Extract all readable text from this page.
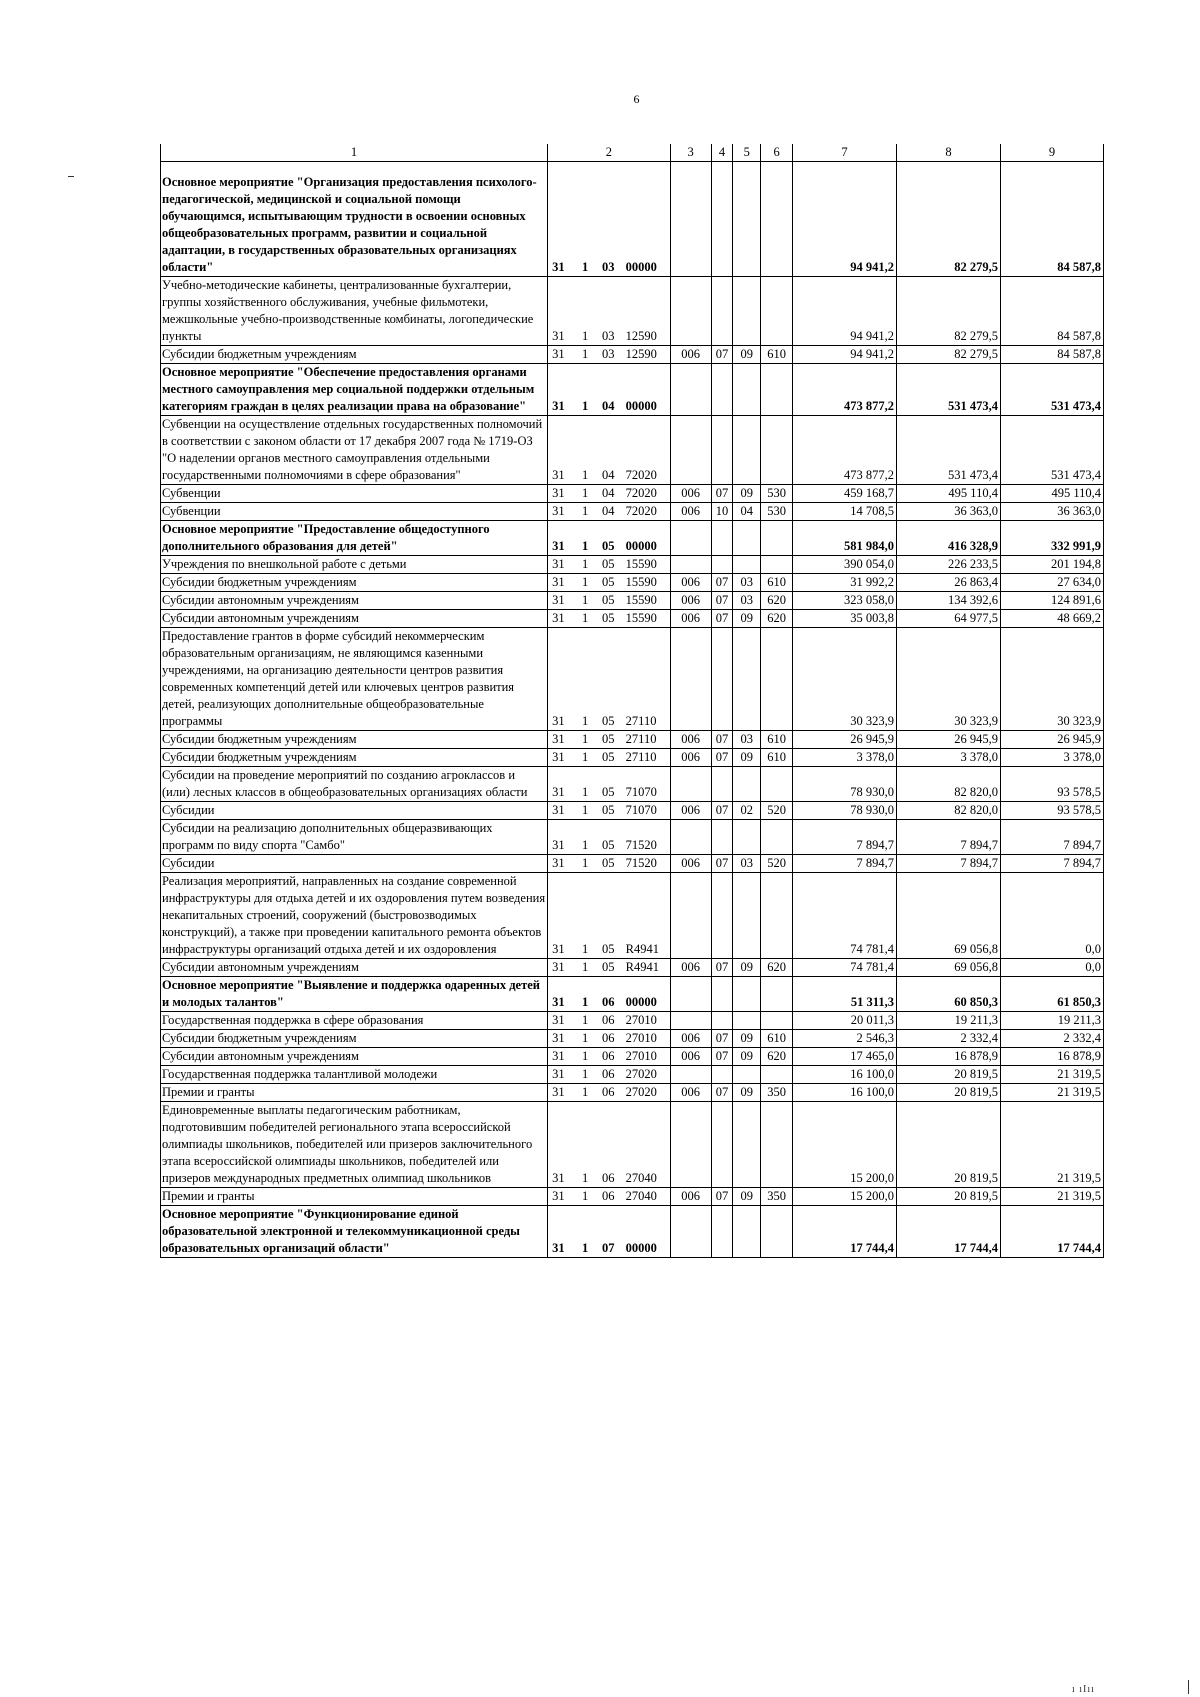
6
1	2				3	4	5	6	7	8	9

Основное мероприятие "Организация предоставления психолого-педагогической, медицинской и социальной помощи обучающимся, испытывающим трудности в освоении основных общеобразовательных программ, развитии и социальной адаптации, в государственных образовательных организациях области"	31	1	03	00000					94 941,2	82 279,5	84 587,8
Учебно-методические кабинеты, централизованные бухгалтерии, группы хозяйственного обслуживания, учебные фильмотеки, межшкольные учебно-производственные комбинаты, логопедические пункты	31	1	03	12590					94 941,2	82 279,5	84 587,8
Субсидии бюджетным учреждениям	31	1	03	12590	006	07	09	610	94 941,2	82 279,5	84 587,8
Основное мероприятие "Обеспечение предоставления органами местного самоуправления мер социальной поддержки отдельным категориям граждан в целях реализации права на образование"	31	1	04	00000					473 877,2	531 473,4	531 473,4
Субвенции на осуществление отдельных государственных полномочий в соответствии с законом области от 17 декабря 2007 года № 1719-ОЗ "О наделении органов местного самоуправления отдельными государственными полномочиями в сфере образования"	31	1	04	72020					473 877,2	531 473,4	531 473,4
Субвенции	31	1	04	72020	006	07	09	530	459 168,7	495 110,4	495 110,4
Субвенции	31	1	04	72020	006	10	04	530	14 708,5	36 363,0	36 363,0
Основное мероприятие "Предоставление общедоступного дополнительного образования для детей"	31	1	05	00000					581 984,0	416 328,9	332 991,9
Учреждения по внешкольной работе с детьми	31	1	05	15590					390 054,0	226 233,5	201 194,8
Субсидии бюджетным учреждениям	31	1	05	15590	006	07	03	610	31 992,2	26 863,4	27 634,0
Субсидии автономным учреждениям	31	1	05	15590	006	07	03	620	323 058,0	134 392,6	124 891,6
Субсидии автономным учреждениям	31	1	05	15590	006	07	09	620	35 003,8	64 977,5	48 669,2
Предоставление грантов в форме субсидий некоммерческим образовательным организациям, не являющимся казенными учреждениями, на организацию деятельности центров развития современных компетенций детей или ключевых центров развития детей, реализующих дополнительные общеобразовательные программы	31	1	05	27110					30 323,9	30 323,9	30 323,9
Субсидии бюджетным учреждениям	31	1	05	27110	006	07	03	610	26 945,9	26 945,9	26 945,9
Субсидии бюджетным учреждениям	31	1	05	27110	006	07	09	610	3 378,0	3 378,0	3 378,0
Субсидии на проведение мероприятий по созданию агроклассов и (или) лесных классов в общеобразовательных организациях области	31	1	05	71070					78 930,0	82 820,0	93 578,5
Субсидии	31	1	05	71070	006	07	02	520	78 930,0	82 820,0	93 578,5
Субсидии на реализацию дополнительных общеразвивающих программ по виду спорта "Самбо"	31	1	05	71520					7 894,7	7 894,7	7 894,7
Субсидии	31	1	05	71520	006	07	03	520	7 894,7	7 894,7	7 894,7
Реализация мероприятий, направленных на создание современной инфраструктуры для отдыха детей и их оздоровления путем возведения некапитальных строений, сооружений (быстровозводимых конструкций), а также при проведении капитального ремонта объектов инфраструктуры организаций отдыха детей и их оздоровления	31	1	05	R4941					74 781,4	69 056,8	0,0
Субсидии автономным учреждениям	31	1	05	R4941	006	07	09	620	74 781,4	69 056,8	0,0
Основное мероприятие "Выявление и поддержка одаренных детей и молодых талантов"	31	1	06	00000					51 311,3	60 850,3	61 850,3
Государственная поддержка в сфере образования	31	1	06	27010					20 011,3	19 211,3	19 211,3
Субсидии бюджетным учреждениям	31	1	06	27010	006	07	09	610	2 546,3	2 332,4	2 332,4
Субсидии автономным учреждениям	31	1	06	27010	006	07	09	620	17 465,0	16 878,9	16 878,9
Государственная поддержка талантливой молодежи	31	1	06	27020					16 100,0	20 819,5	21 319,5
Премии и гранты	31	1	06	27020	006	07	09	350	16 100,0	20 819,5	21 319,5
Единовременные выплаты педагогическим работникам, подготовившим победителей регионального этапа всероссийской олимпиады школьников, победителей или призеров заключительного этапа всероссийской олимпиады школьников, победителей или призеров международных предметных олимпиад школьников	31	1	06	27040					15 200,0	20 819,5	21 319,5
Премии и гранты	31	1	06	27040	006	07	09	350	15 200,0	20 819,5	21 319,5
Основное мероприятие "Функционирование единой образовательной электронной и телекоммуникационной среды образовательных организаций области"	31	1	07	00000					17 744,4	17 744,4	17 744,4
ı ıIıı
